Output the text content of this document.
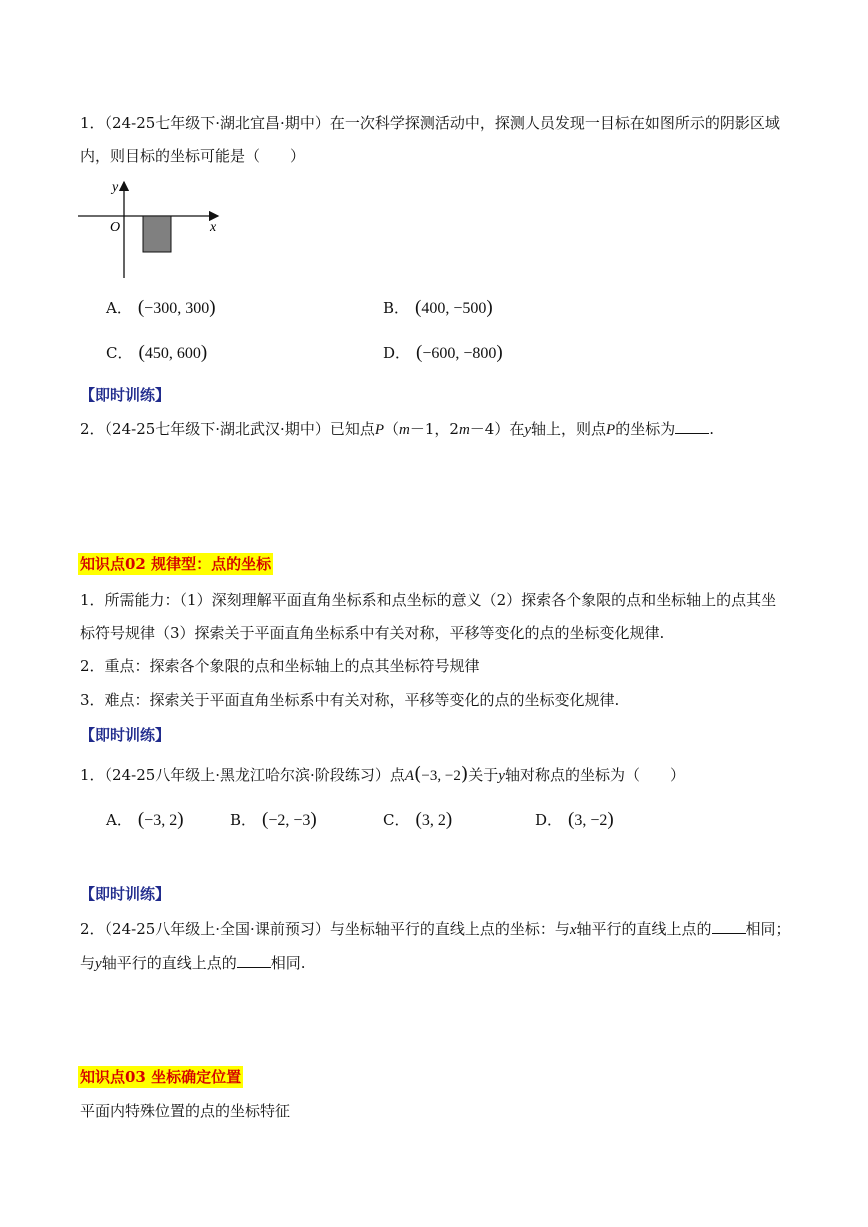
1．（24-25七年级下·湖北宜昌·期中）在一次科学探测活动中，探测人员发现一目标在如图所示的阴影区域
内，则目标的坐标可能是（　　）
y
x
O
A． (−300, 300)	B． (400, −500)
C． (450, 600)	D． (−600, −800)
【即时训练】
2．（24-25七年级下·湖北武汉·期中）已知点P（m－1，2m－4）在y轴上，则点P的坐标为 .
知识点02 规律型：点的坐标
1．所需能力：（1）深刻理解平面直角坐标系和点坐标的意义（2）探索各个象限的点和坐标轴上的点其坐
标符号规律（3）探索关于平面直角坐标系中有关对称，平移等变化的点的坐标变化规律.
2．重点：探索各个象限的点和坐标轴上的点其坐标符号规律
3．难点：探索关于平面直角坐标系中有关对称，平移等变化的点的坐标变化规律.
【即时训练】
1．（24-25八年级上·黑龙江哈尔滨·阶段练习）点A(−3, −2)关于y轴对称点的坐标为（　　）
A． (−3, 2)	B． (−2, −3)	C． (3, 2)	D． (3, −2)
【即时训练】
2．（24-25八年级上·全国·课前预习）与坐标轴平行的直线上点的坐标：与x轴平行的直线上点的 相同；
与y轴平行的直线上点的 相同.
知识点03 坐标确定位置
平面内特殊位置的点的坐标特征
